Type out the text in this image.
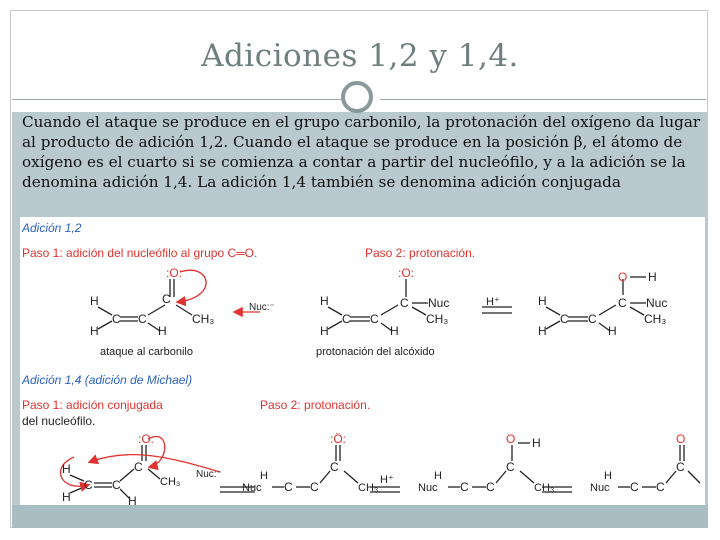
Adiciones 1,2 y 1,4.
Cuando el ataque se produce en el grupo carbonilo, la protonación del oxígeno da lugar al producto de adición 1,2. Cuando el ataque se produce en la posición β, el átomo de oxígeno es el cuarto si se comienza a contar a partir del nucleófilo, y a la adición se la denomina adición 1,4. La adición 1,4 también se denomina adición conjugada
Adición 1,2
Paso 1: adición del nucleófilo al grupo C═O.	Paso 2: protonación.
H
H
C C
C
:O:
H
CH₃
Nuc:⁻
ataque al carbonilo
H
H
C C
C
:O:
Nuc
CH₃
H
H⁺
protonación del alcóxido
H
H
C C
C
O H
Nuc
CH₃
H
Adición 1,4 (adición de Michael)
Paso 1: adición conjugada
del nucleófilo.
Paso 2: protonación.
H
H
C C
C
:O:
H
CH₃
Nuc:⁻	H
Nuc C C
C
:Ö:
CH₃
H⁺	H
Nuc C C
C
O H
CH₃
H
Nuc C C
C
O
